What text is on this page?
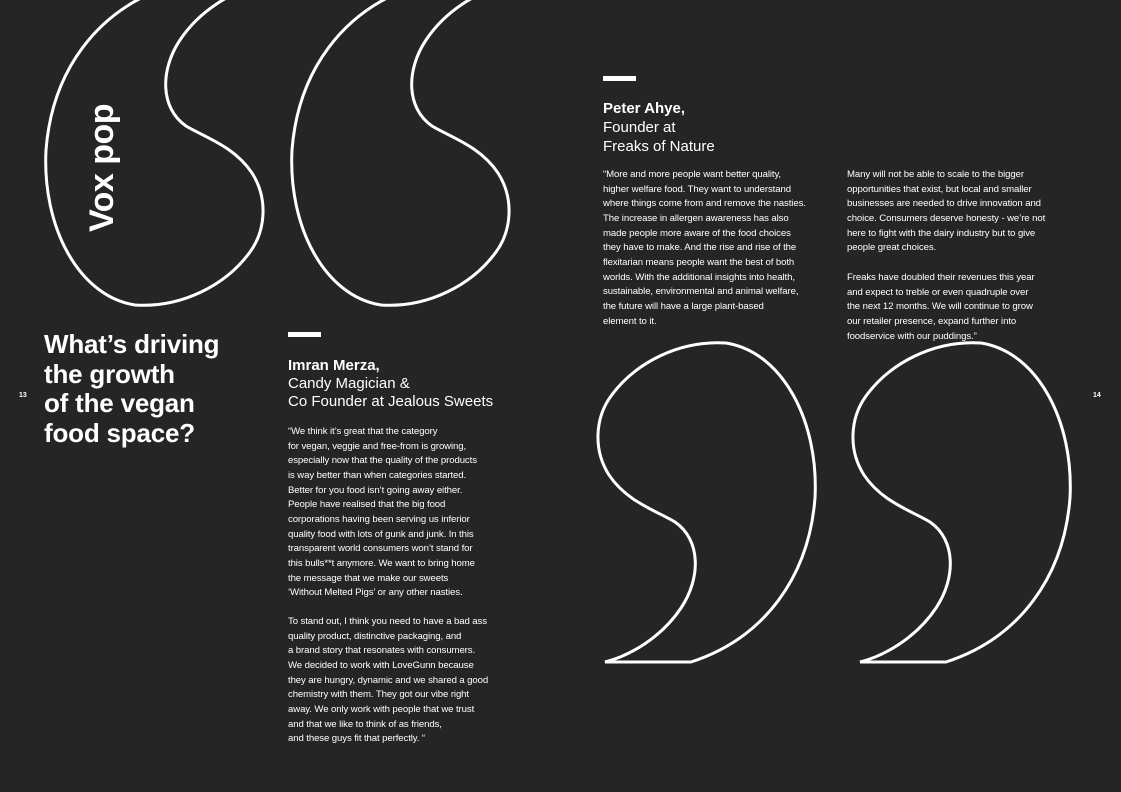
Vox pop
What’s driving
the growth
of the vegan
food space?
13	14
Imran Merza,
Candy Magician &
Co Founder at Jealous Sweets
“We think it’s great that the category
for vegan, veggie and free-from is growing,
especially now that the quality of the products
is way better than when categories started.
Better for you food isn’t going away either.
People have realised that the big food
corporations having been serving us inferior
quality food with lots of gunk and junk. In this
transparent world consumers won’t stand for
this bulls**t anymore. We want to bring home
the message that we make our sweets
‘Without Melted Pigs’ or any other nasties.
To stand out, I think you need to have a bad ass
quality product, distinctive packaging, and
a brand story that resonates with consumers.
We decided to work with LoveGunn because
they are hungry, dynamic and we shared a good
chemistry with them. They got our vibe right
away. We only work with people that we trust
and that we like to think of as friends,
and these guys fit that perfectly. “
Peter Ahye,
Founder at
Freaks of Nature
“More and more people want better quality,
higher welfare food. They want to understand
where things come from and remove the nasties.
The increase in allergen awareness has also
made people more aware of the food choices
they have to make. And the rise and rise of the
flexitarian means people want the best of both
worlds. With the additional insights into health,
sustainable, environmental and animal welfare,
the future will have a large plant-based
element to it.
Many will not be able to scale to the bigger
opportunities that exist, but local and smaller
businesses are needed to drive innovation and
choice. Consumers deserve honesty - we’re not
here to fight with the dairy industry but to give
people great choices.
Freaks have doubled their revenues this year
and expect to treble or even quadruple over
the next 12 months. We will continue to grow
our retailer presence, expand further into
foodservice with our puddings.”
